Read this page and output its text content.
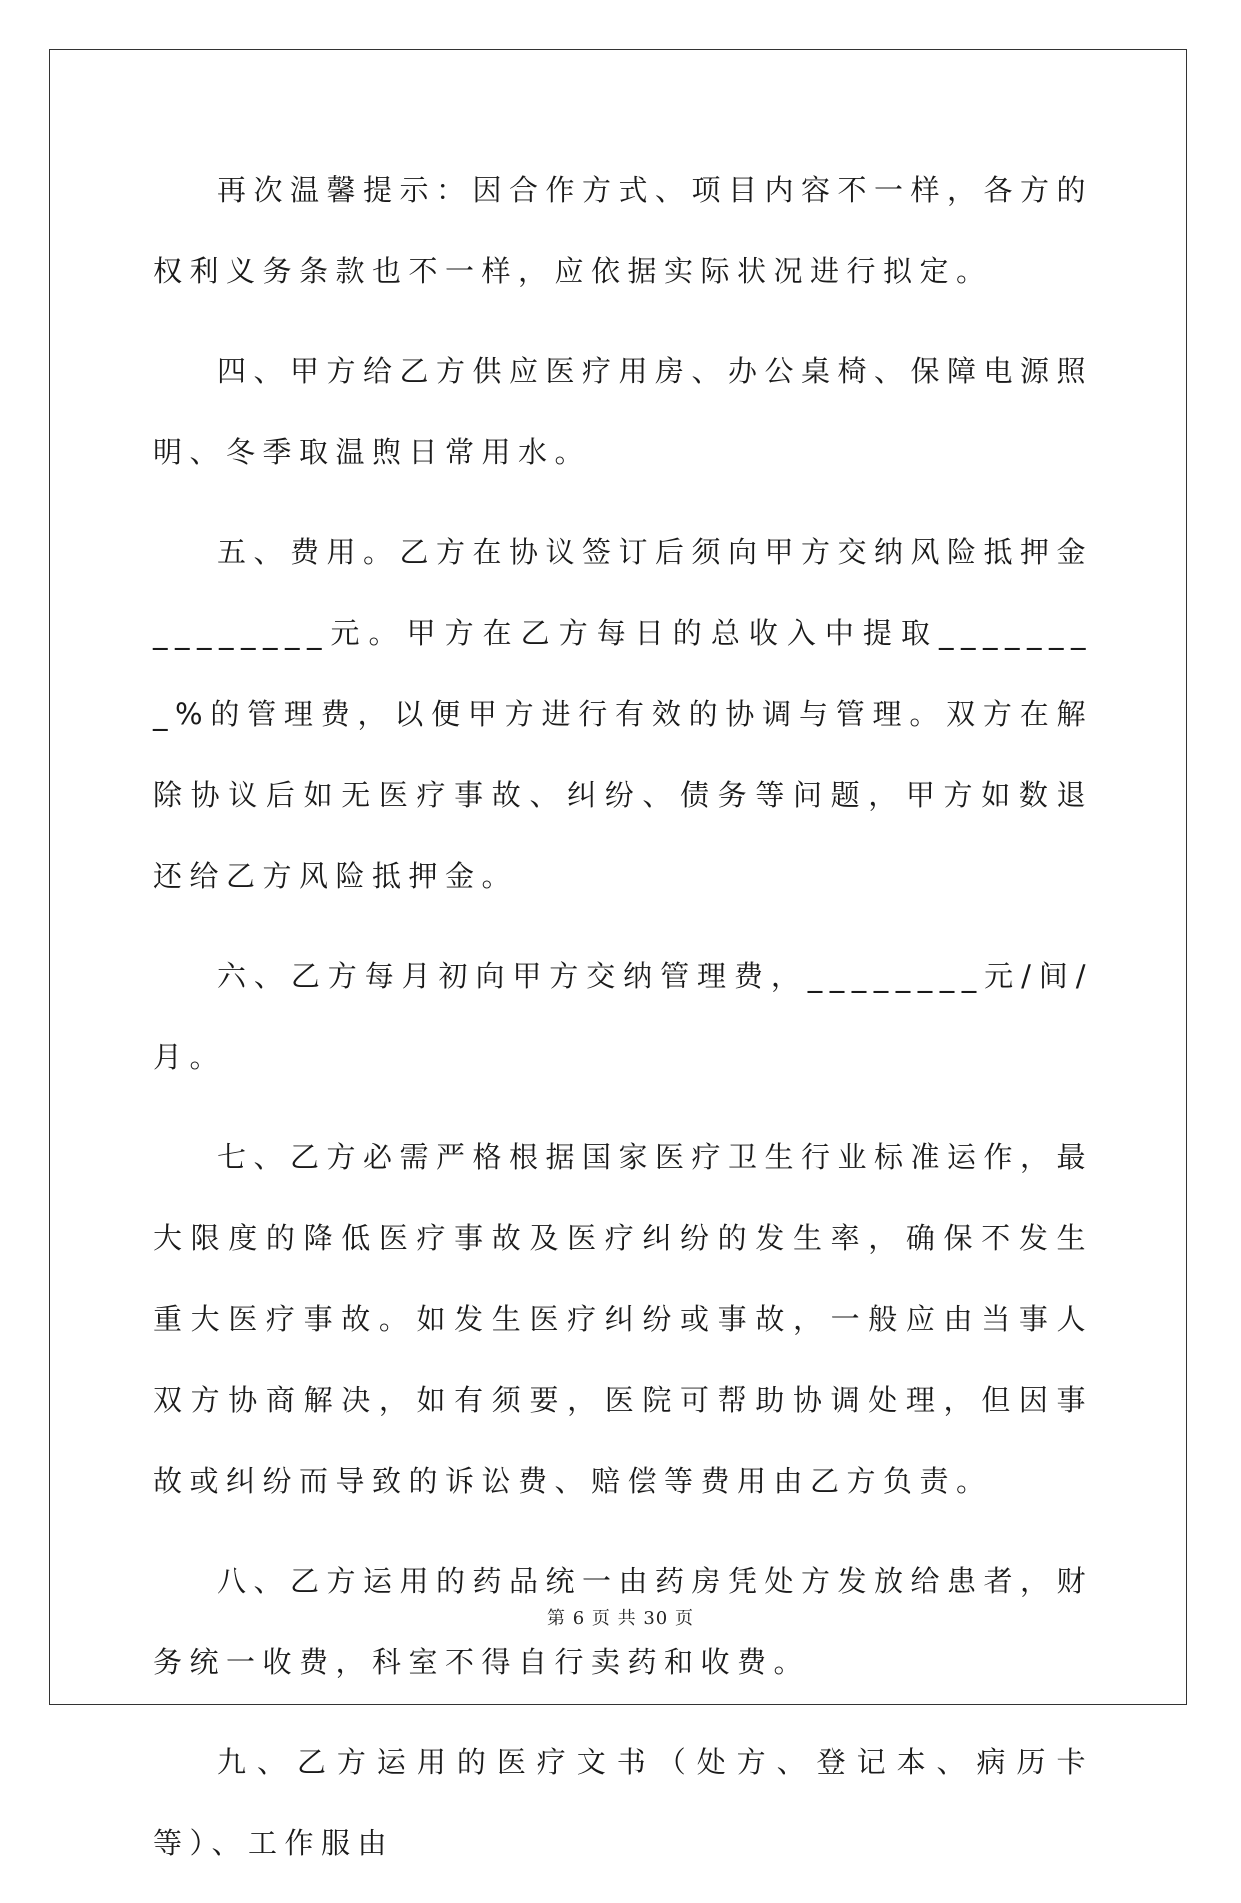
再次温馨提示：因合作方式、项目内容不一样，各方的权利义务条款也不一样，应依据实际状况进行拟定。

四、甲方给乙方供应医疗用房、办公桌椅、保障电源照明、冬季取温煦日常用水。

五、费用。乙方在协议签订后须向甲方交纳风险抵押金________元。甲方在乙方每日的总收入中提取________%的管理费，以便甲方进行有效的协调与管理。双方在解除协议后如无医疗事故、纠纷、债务等问题，甲方如数退还给乙方风险抵押金。

六、乙方每月初向甲方交纳管理费，________元/间/月。

七、乙方必需严格根据国家医疗卫生行业标准运作，最大限度的降低医疗事故及医疗纠纷的发生率，确保不发生重大医疗事故。如发生医疗纠纷或事故，一般应由当事人双方协商解决，如有须要，医院可帮助协调处理，但因事故或纠纷而导致的诉讼费、赔偿等费用由乙方负责。

八、乙方运用的药品统一由药房凭处方发放给患者，财务统一收费，科室不得自行卖药和收费。

九、乙方运用的医疗文书（处方、登记本、病历卡等）、工作服由

第 6 页 共 30 页
